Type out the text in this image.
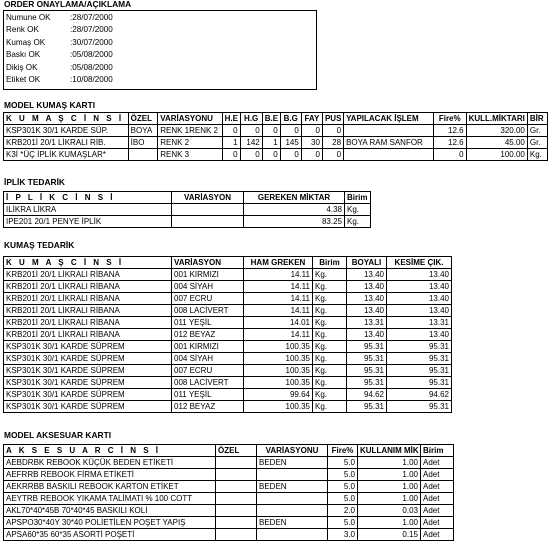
ORDER ONAYLAMA/AÇIKLAMA
Numune OK :28/07/2000
Renk OK	:28/07/2000
Kumaş OK	:30/07/2000
Baskı OK	:05/08/2000
Dikiş OK	:05/08/2000
Etiket OK	:10/08/2000
MODEL KUMAŞ KARTI
K U M A Ş C İ N S İ	ÖZEL	VARİASYONU	H.E	H.G	B.E	B.G	FAY	PUS	YAPILACAK İŞLEM	Fire%	KULL.MİKTARI	BİR
KSP301K 30/1 KARDE SÜP.	BOYA	RENK 1RENK 2	0	0	0	0	0	0		12.6	320.00	Gr.
KRB201İ 20/1 LİKRALI RİB.	İBO	RENK 2	1	142	1	145	30	28	BOYA RAM SANFOR	12.6	45.00	Gr.
K3İ *ÜÇ İPLİK KUMAŞLAR*		RENK 3	0	0	0	0	0	0		0	100.00	Kg.
İPLİK TEDARİK
İ P L İ K C İ N S İ	VARİASYON	GEREKEN MİKTAR	Birim
ILİKRA LİKRA		4.38	Kg.
IPE201 20/1 PENYE İPLİK		83.25	Kg.
KUMAŞ TEDARİK
K U M A Ş C İ N S İ	VARİASYON	HAM GREKEN	Birim	BOYALI	KESİME ÇIK.
KRB201İ 20/1 LİKRALI RİBANA	001 KIRMIZI	14.11	Kg.	13.40	13.40
KRB201İ 20/1 LİKRALI RİBANA	004 SİYAH	14.11	Kg.	13.40	13.40
KRB201İ 20/1 LİKRALI RİBANA	007 ECRU	14.11	Kg.	13.40	13.40
KRB201İ 20/1 LİKRALI RİBANA	008 LACİVERT	14.11	Kg.	13.40	13.40
KRB201İ 20/1 LİKRALI RİBANA	011 YEŞİL	14.01	Kg.	13.31	13.31
KRB201İ 20/1 LİKRALI RİBANA	012 BEYAZ	14.11	Kg.	13.40	13.40
KSP301K 30/1 KARDE SÜPREM	001 KIRMIZI	100.35	Kg.	95.31	95.31
KSP301K 30/1 KARDE SÜPREM	004 SİYAH	100.35	Kg.	95.31	95.31
KSP301K 30/1 KARDE SÜPREM	007 ECRU	100.35	Kg.	95.31	95.31
KSP301K 30/1 KARDE SÜPREM	008 LACİVERT	100.35	Kg.	95.31	95.31
KSP301K 30/1 KARDE SÜPREM	011 YEŞİL	99.64	Kg.	94.62	94.62
KSP301K 30/1 KARDE SÜPREM	012 BEYAZ	100.35	Kg.	95.31	95.31
MODEL AKSESUAR KARTI
A K S E S U A R C İ N S İ	ÖZEL	VARİASYONU	Fire%	KULLANIM MİK	Birim
AEBDRBK REBOOK KÜÇÜK BEDEN ETİKETİ		BEDEN	5.0	1.00	Adet
AEFRRB REBOOK FİRMA ETİKETİ			5.0	1.00	Adet
AEKRRBB BASKILI REBOOK KARTON ETİKET		BEDEN	5.0	1.00	Adet
AEYTRB REBOOK YIKAMA TALİMATI % 100 COTT			5.0	1.00	Adet
AKL70*40*45B 70*40*45 BASKILI KOLİ			2.0	0.03	Adet
APSPO30*40Y 30*40 POLİETİLEN POŞET YAPIŞ		BEDEN	5.0	1.00	Adet
APSA60*35 60*35 ASORTİ POŞETİ			3.0	0.15	Adet
